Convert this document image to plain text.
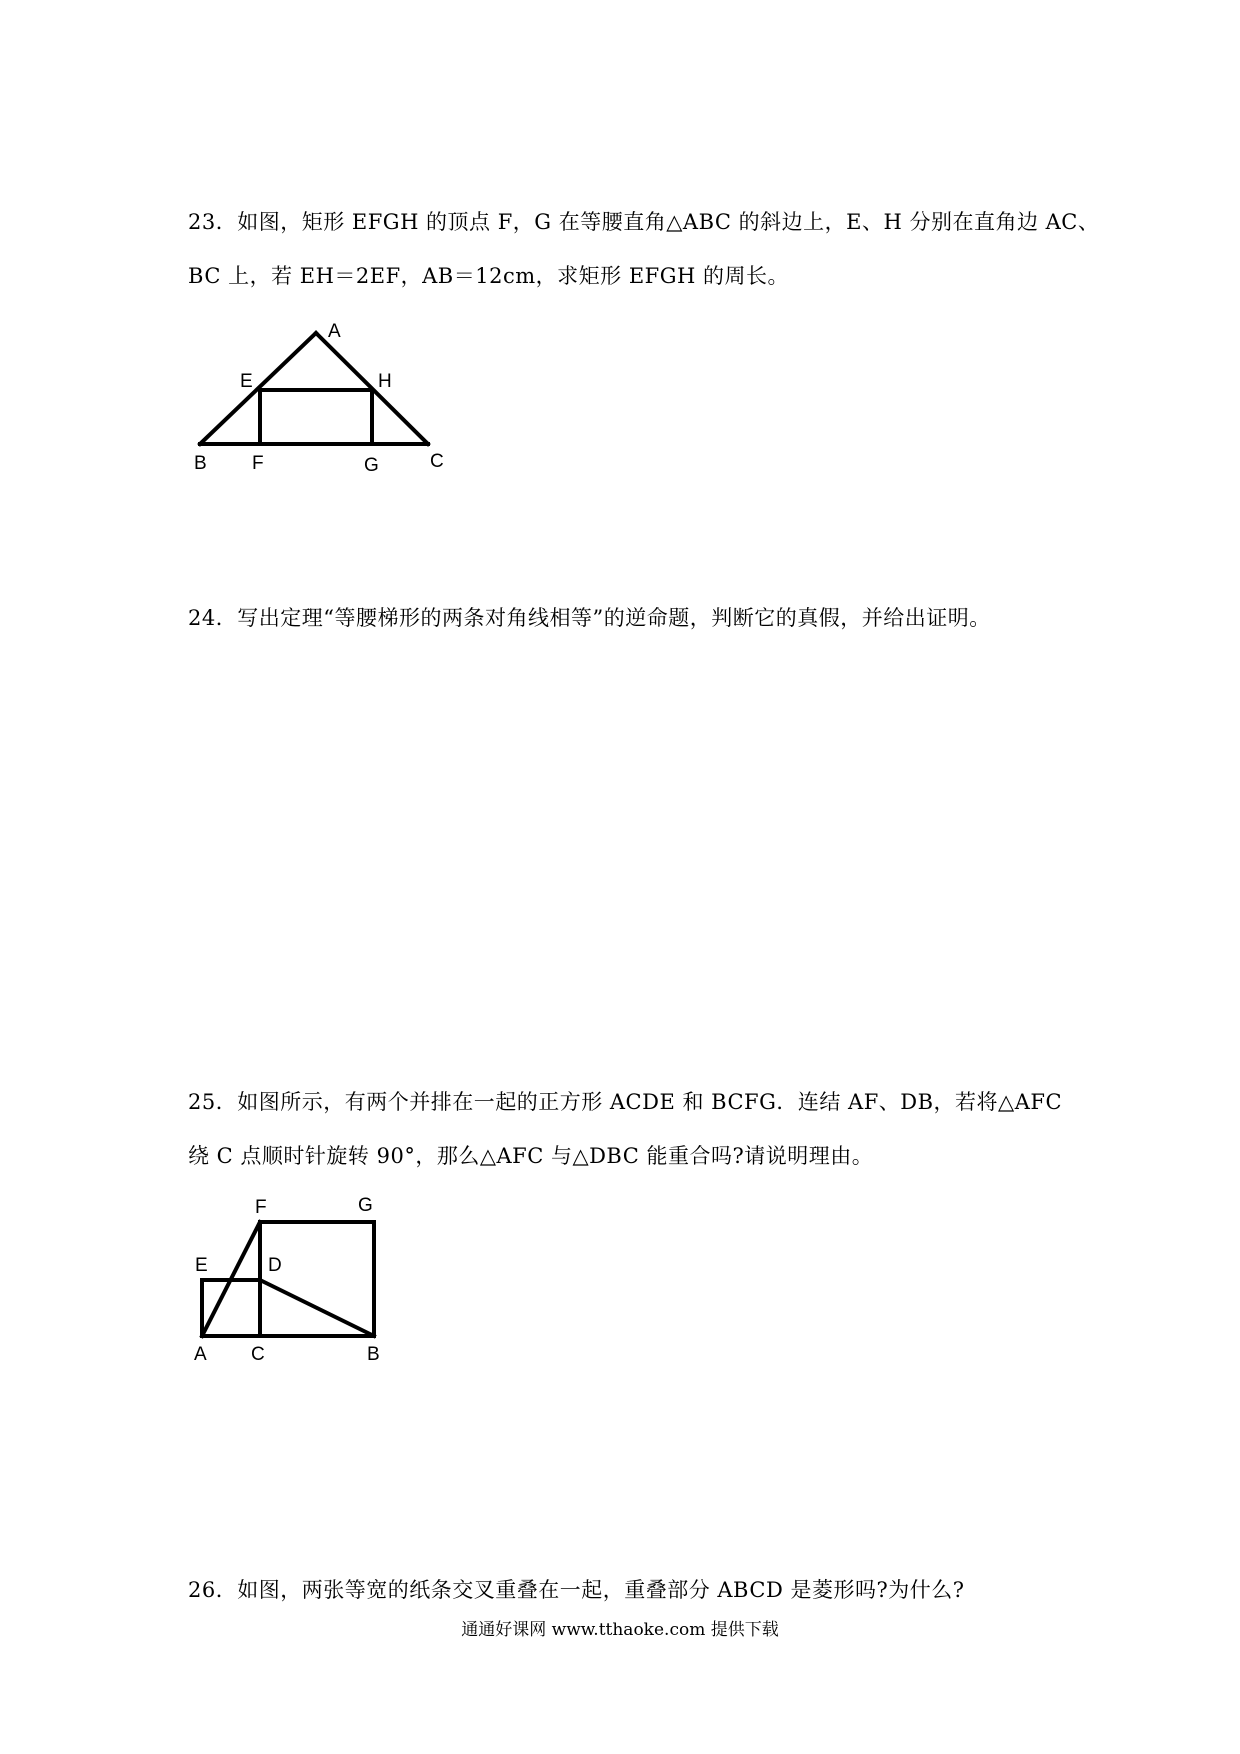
23．如图，矩形 EFGH 的顶点 F，G 在等腰直角△ABC 的斜边上，E、H 分别在直角边 AC、
BC 上，若 EH＝2EF，AB＝12cm，求矩形 EFGH 的周长。
A
E	H
B F	G	C
24．写出定理“等腰梯形的两条对角线相等”的逆命题，判断它的真假，并给出证明。
25．如图所示，有两个并排在一起的正方形 ACDE 和 BCFG．连结 AF、DB，若将△AFC
绕 C 点顺时针旋转 90°，那么△AFC 与△DBC 能重合吗?请说明理由。
F	G
E	D
A C	B
26．如图，两张等宽的纸条交叉重叠在一起，重叠部分 ABCD 是菱形吗?为什么?
通通好课网 www.tthaoke.com 提供下载
